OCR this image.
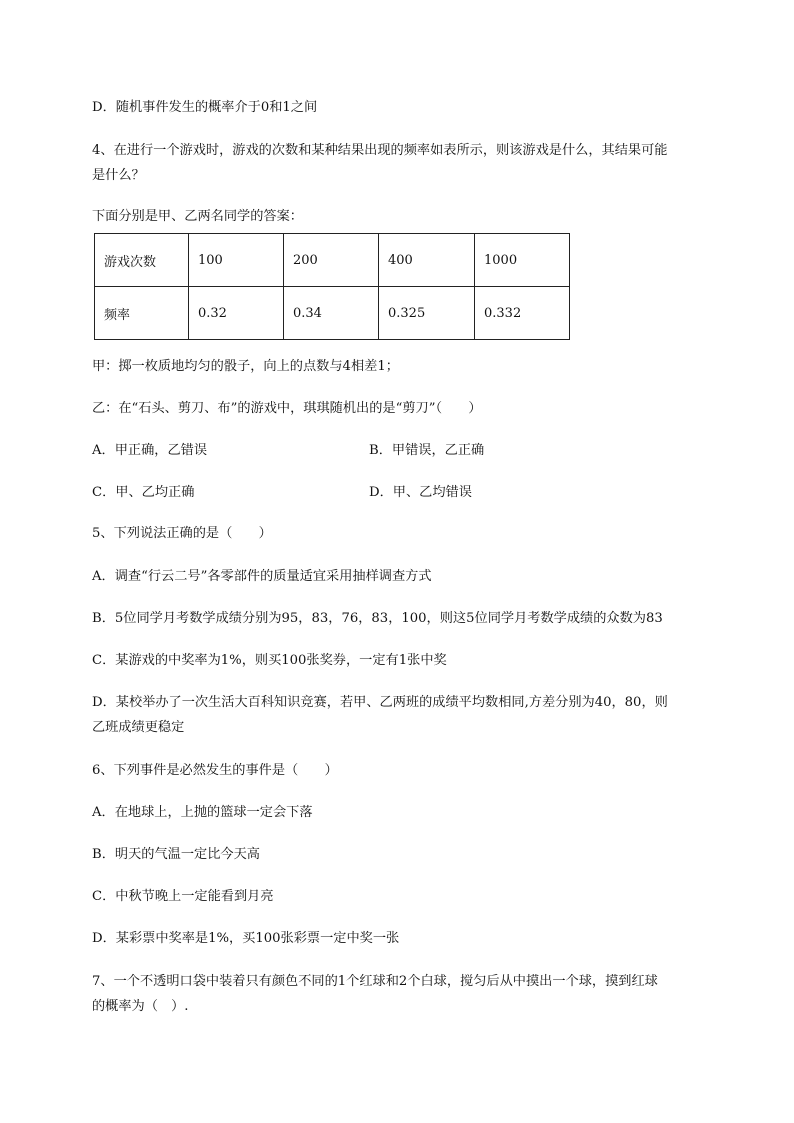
D．随机事件发生的概率介于0和1之间
4、在进行一个游戏时，游戏的次数和某种结果出现的频率如表所示，则该游戏是什么，其结果可能
是什么？
下面分别是甲、乙两名同学的答案：
游戏次数	100	200	400	1000
频率	0.32	0.34	0.325	0.332
甲：掷一枚质地均匀的骰子，向上的点数与4相差1；
乙：在“石头、剪刀、布”的游戏中，琪琪随机出的是“剪刀”（　　）
A．甲正确，乙错误	B．甲错误，乙正确
C．甲、乙均正确	D．甲、乙均错误
5、下列说法正确的是（　　）
A．调查“行云二号”各零部件的质量适宜采用抽样调查方式
B．5位同学月考数学成绩分别为95，83，76，83，100，则这5位同学月考数学成绩的众数为83
C．某游戏的中奖率为1%，则买100张奖券，一定有1张中奖
D．某校举办了一次生活大百科知识竞赛，若甲、乙两班的成绩平均数相同,方差分别为40，80，则
乙班成绩更稳定
6、下列事件是必然发生的事件是（　　）
A．在地球上，上抛的篮球一定会下落
B．明天的气温一定比今天高
C．中秋节晚上一定能看到月亮
D．某彩票中奖率是1%，买100张彩票一定中奖一张
7、一个不透明口袋中装着只有颜色不同的1个红球和2个白球，搅匀后从中摸出一个球，摸到红球
的概率为（　）.
